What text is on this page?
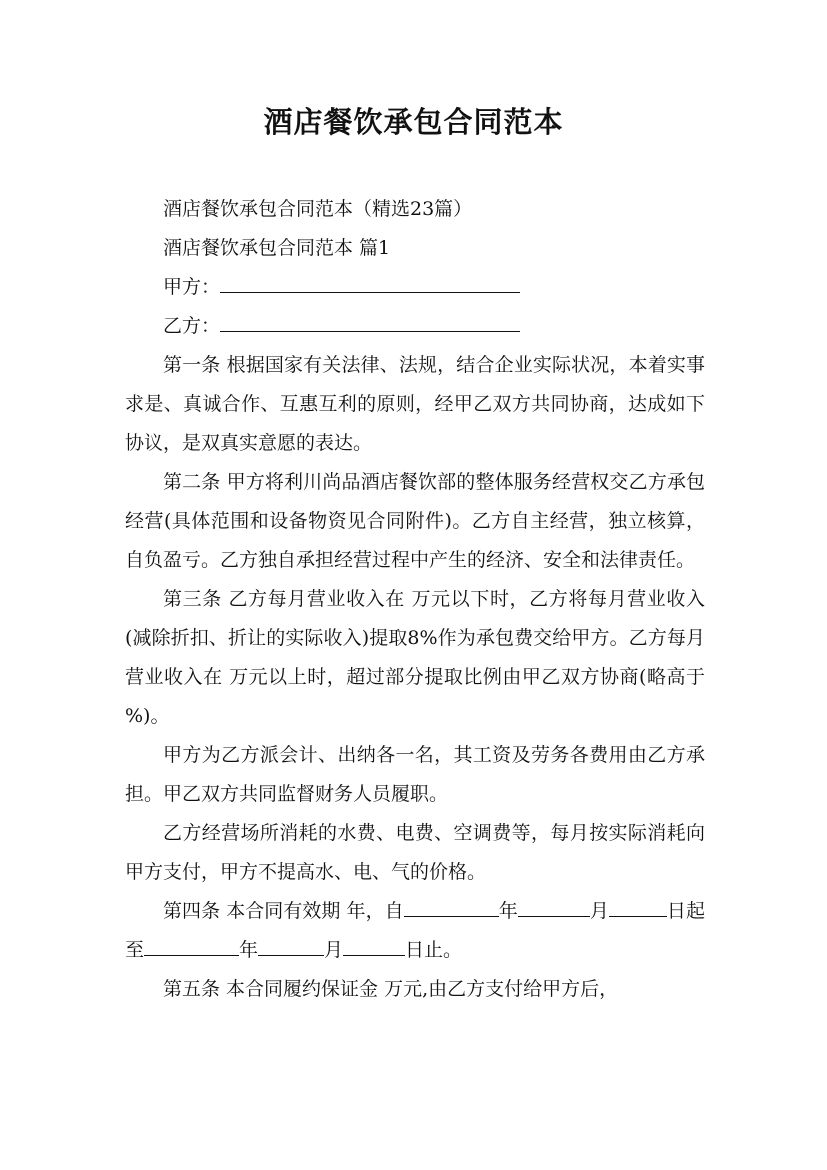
酒店餐饮承包合同范本

酒店餐饮承包合同范本（精选23篇）

酒店餐饮承包合同范本 篇1

甲方：

乙方：

第一条 根据国家有关法律、法规，结合企业实际状况，本着实事求是、真诚合作、互惠互利的原则，经甲乙双方共同协商，达成如下协议，是双真实意愿的表达。

第二条 甲方将利川尚品酒店餐饮部的整体服务经营权交乙方承包经营(具体范围和设备物资见合同附件)。乙方自主经营，独立核算，自负盈亏。乙方独自承担经营过程中产生的经济、安全和法律责任。

第三条 乙方每月营业收入在 万元以下时，乙方将每月营业收入(减除折扣、折让的实际收入)提取8%作为承包费交给甲方。乙方每月营业收入在 万元以上时，超过部分提取比例由甲乙双方协商(略高于 %)。

甲方为乙方派会计、出纳各一名，其工资及劳务各费用由乙方承担。甲乙双方共同监督财务人员履职。

乙方经营场所消耗的水费、电费、空调费等，每月按实际消耗向甲方支付，甲方不提高水、电、气的价格。

第四条 本合同有效期 年，自	年	月	日起至	年	月	日止。

第五条 本合同履约保证金 万元,由乙方支付给甲方后，
